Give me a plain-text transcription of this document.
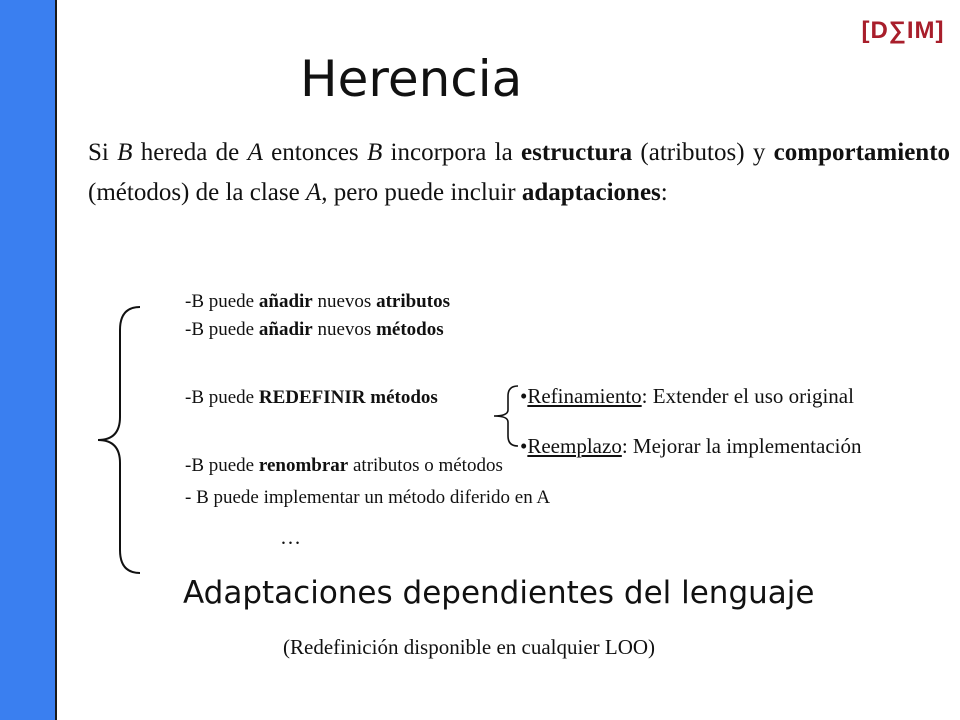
[D∑IM]
Herencia
Si B hereda de A entonces B incorpora la estructura (atributos) y comportamiento (métodos) de la clase A, pero puede incluir adaptaciones:
-B puede añadir nuevos atributos
-B puede añadir nuevos métodos
-B puede REDEFINIR métodos
-B puede renombrar atributos o métodos
- B puede implementar un método diferido en A
•Refinamiento: Extender el uso original
•Reemplazo: Mejorar la implementación
…
Adaptaciones dependientes del lenguaje
(Redefinición disponible en cualquier LOO)
